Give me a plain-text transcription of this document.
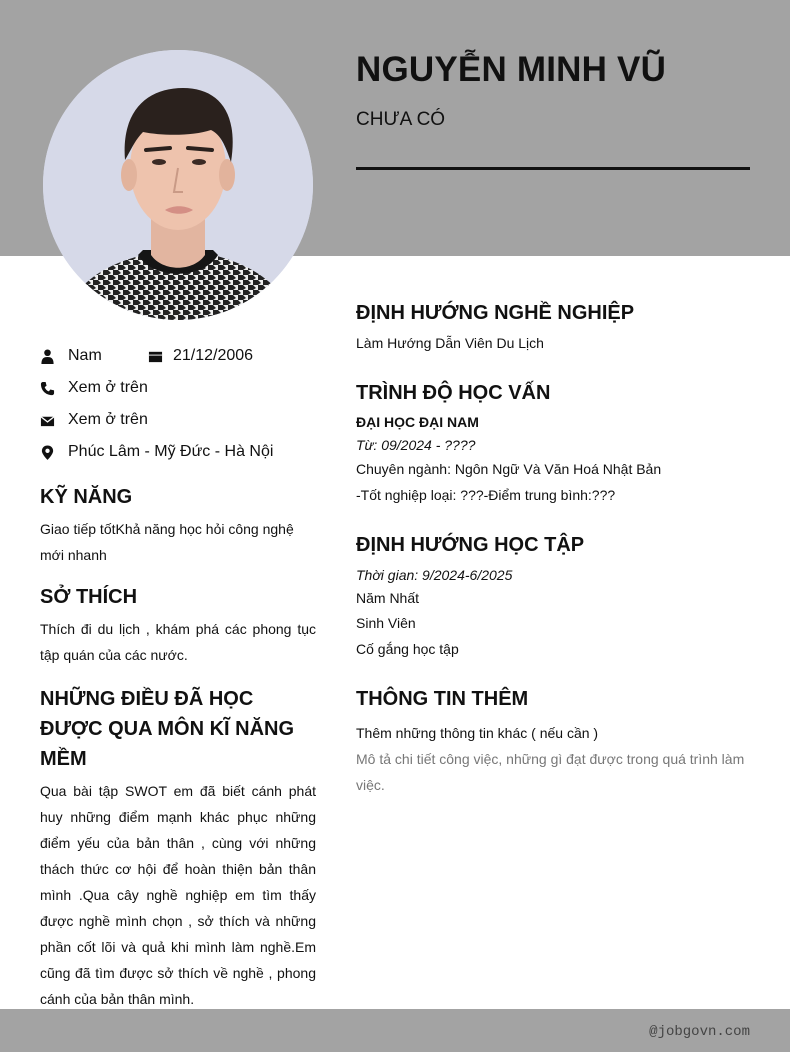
NGUYỄN MINH VŨ
CHƯA CÓ
Nam	21/12/2006
Xem ở trên
Xem ở trên
Phúc Lâm - Mỹ Đức - Hà Nội
KỸ NĂNG
Giao tiếp tốtKhả năng học hỏi công nghệ mới nhanh
SỞ THÍCH
Thích đi du lịch , khám phá các phong tục tập quán của các nước.
NHỮNG ĐIỀU ĐÃ HỌC ĐƯỢC QUA MÔN KĨ NĂNG MỀM
Qua bài tập SWOT em đã biết cánh phát huy những điểm mạnh khác phục những điểm yếu của bản thân , cùng với những thách thức cơ hội để hoàn thiện bản thân mình .Qua cây nghề nghiệp em tìm thấy được nghề mình chọn , sở thích và những phần cốt lõi và quả khi mình làm nghề.Em cũng đã tìm được sở thích về nghề , phong cánh của bản thân mình.
ĐỊNH HƯỚNG NGHỀ NGHIỆP
Làm Hướng Dẫn Viên Du Lịch
TRÌNH ĐỘ HỌC VẤN
ĐẠI HỌC ĐẠI NAM
Từ: 09/2024 - ????
Chuyên ngành: Ngôn Ngữ Và Văn Hoá Nhật Bản
-Tốt nghiệp loại: ???-Điểm trung bình:???
ĐỊNH HƯỚNG HỌC TẬP
Thời gian: 9/2024-6/2025
Năm Nhất
Sinh Viên
Cố gắng học tập
THÔNG TIN THÊM
Thêm những thông tin khác ( nếu cần )
Mô tả chi tiết công việc, những gì đạt được trong quá trình làm việc.
@jobgovn.com
